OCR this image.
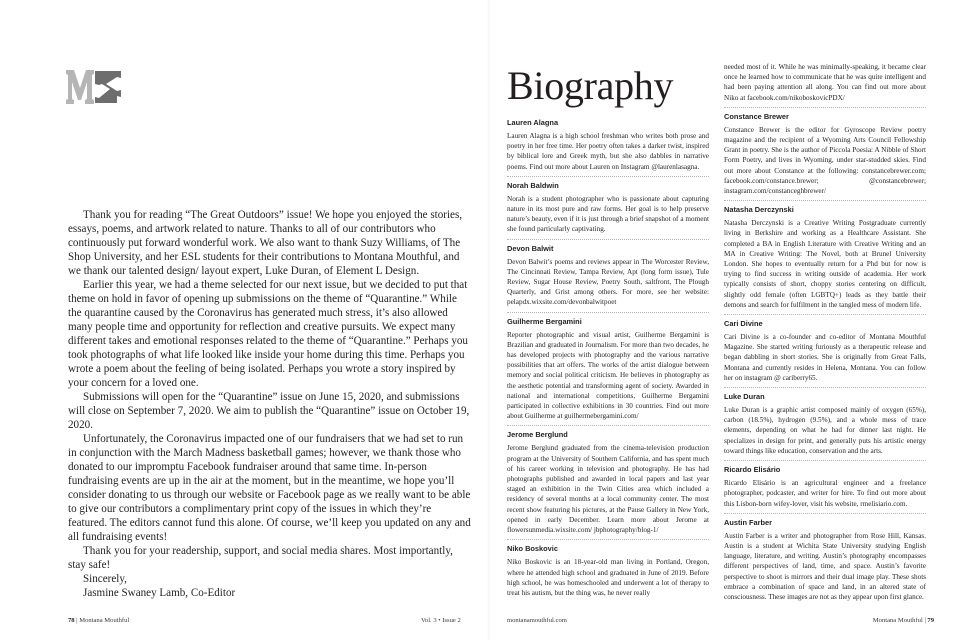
Thank you for reading “The Great Outdoors” issue! We hope you enjoyed the stories, essays, poems, and artwork related to nature. Thanks to all of our contributors who continuously put forward wonderful work. We also want to thank Suzy Williams, of The Shop University, and her ESL students for their contributions to Montana Mouthful, and we thank our talented design/ layout expert, Luke Duran, of Element L Design.

Earlier this year, we had a theme selected for our next issue, but we decided to put that theme on hold in favor of opening up submissions on the theme of “Quarantine.” While the quarantine caused by the Coronavirus has generated much stress, it’s also allowed many people time and opportunity for reflection and creative pursuits. We expect many different takes and emotional responses related to the theme of “Quarantine.” Perhaps you took photographs of what life looked like inside your home during this time. Perhaps you wrote a poem about the feeling of being isolated. Perhaps you wrote a story inspired by your concern for a loved one.

Submissions will open for the “Quarantine” issue on June 15, 2020, and submissions will close on September 7, 2020. We aim to publish the “Quarantine” issue on October 19, 2020.

Unfortunately, the Coronavirus impacted one of our fundraisers that we had set to run in conjunction with the March Madness basketball games; however, we thank those who donated to our impromptu Facebook fundraiser around that same time. In-person fundraising events are up in the air at the moment, but in the meantime, we hope you’ll consider donating to us through our website or Facebook page as we really want to be able to give our contributors a complimentary print copy of the issues in which they’re featured. The editors cannot fund this alone. Of course, we’ll keep you updated on any and all fundraising events!

Thank you for your readership, support, and social media shares. Most importantly, stay safe!

Sincerely,

Jasmine Swaney Lamb, Co-Editor

78 | Montana Mouthful	Vol. 3 • Issue 2
Biography
Lauren Alagna
Lauren Alagna is a high school freshman who writes both prose and poetry in her free time. Her poetry often takes a darker twist, inspired by biblical lore and Greek myth, but she also dabbles in narrative poems. Find out more about Lauren on Instagram @laurenlasagna.
Norah Baldwin
Norah is a student photographer who is passionate about capturing nature in its most pure and raw forms. Her goal is to help preserve nature’s beauty, even if it is just through a brief snapshot of a moment she found particularly captivating.
Devon Balwit
Devon Balwit’s poems and reviews appear in The Worcester Review, The Cincinnati Review, Tampa Review, Apt (long form issue), Tule Review, Sugar House Review, Poetry South, saltfront, The Plough Quarterly, and Grist among others. For more, see her website: pelapdx.wixsite.com/devonbalwitpoet
Guilherme Bergamini
Reporter photographic and visual artist, Guilherme Bergamini is Brazilian and graduated in Journalism. For more than two decades, he has developed projects with photography and the various narrative possibilities that art offers. The works of the artist dialogue between memory and social political criticism. He believes in photography as the aesthetic potential and transforming agent of society. Awarded in national and international competitions, Guilherme Bergamini participated in collective exhibitions in 30 countries. Find out more about Guilherme at guilhermebergamini.com/
Jerome Berglund
Jerome Berglund graduated from the cinema-television production program at the University of Southern California, and has spent much of his career working in television and photography. He has had photographs published and awarded in local papers and last year staged an exhibition in the Twin Cities area which included a residency of several months at a local community center. The most recent show featuring his pictures, at the Pause Gallery in New York, opened in early December. Learn more about Jerome at flowersunmedia.wixsite.com/ jbphotography/blog-1/
Niko Boskovic
Niko Boskovic is an 18-year-old man living in Portland, Oregon, where he attended high school and graduated in June of 2019. Before high school, he was homeschooled and underwent a lot of therapy to treat his autism, but the thing was, he never really
needed most of it. While he was minimally-speaking, it became clear once he learned how to communicate that he was quite intelligent and had been paying attention all along. You can find out more about Niko at facebook.com/nikoboskovicPDX/
Constance Brewer
Constance Brewer is the editor for Gyroscope Review poetry magazine and the recipient of a Wyoming Arts Council Fellowship Grant in poetry. She is the author of Piccola Poesia: A Nibble of Short Form Poetry, and lives in Wyoming, under star-studded skies. Find out more about Constance at the following: constancebrewer.com; facebook.com/constance.brewer; @constancebrewer; instagram.com/constanceghbrewer/
Natasha Derczynski
Natasha Derczynski is a Creative Writing Postgraduate currently living in Berkshire and working as a Healthcare Assistant. She completed a BA in English Literature with Creative Writing and an MA in Creative Writing: The Novel, both at Brunel University London. She hopes to eventually return for a Phd but for now is trying to find success in writing outside of academia. Her work typically consists of short, choppy stories centering on difficult, slightly odd female (often LGBTQ+) leads as they battle their demons and search for fulfilment in the tangled mess of modern life.
Cari Divine
Cari Divine is a co-founder and co-editor of Montana Mouthful Magazine. She started writing furiously as a therapeutic release and began dabbling in short stories. She is originally from Great Falls, Montana and currently resides in Helena, Montana. You can follow her on instagram @ cariberry65.
Luke Duran
Luke Duran is a graphic artist composed mainly of oxygen (65%), carbon (18.5%), hydrogen (9.5%), and a whole mess of trace elements, depending on what he had for dinner last night. He specializes in design for print, and generally puts his artistic energy toward things like education, conservation and the arts.
Ricardo Elisário
Ricardo Elisário is an agricultural engineer and a freelance photographer, podcaster, and writer for hire. To find out more about this Lisbon-born wifey-lover, visit his website, rmelisiario.com.
Austin Farber
Austin Farber is a writer and photographer from Rose Hill, Kansas. Austin is a student at Wichita State University studying English language, literature, and writing. Austin’s photography encompasses different perspectives of land, time, and space. Austin’s favorite perspective to shoot is mirrors and their dual image play. These shots embrace a combination of space and land, in an altered state of consciousness. These images are not as they appear upon first glance.
montanamouthful.com	Montana Mouthful | 79
